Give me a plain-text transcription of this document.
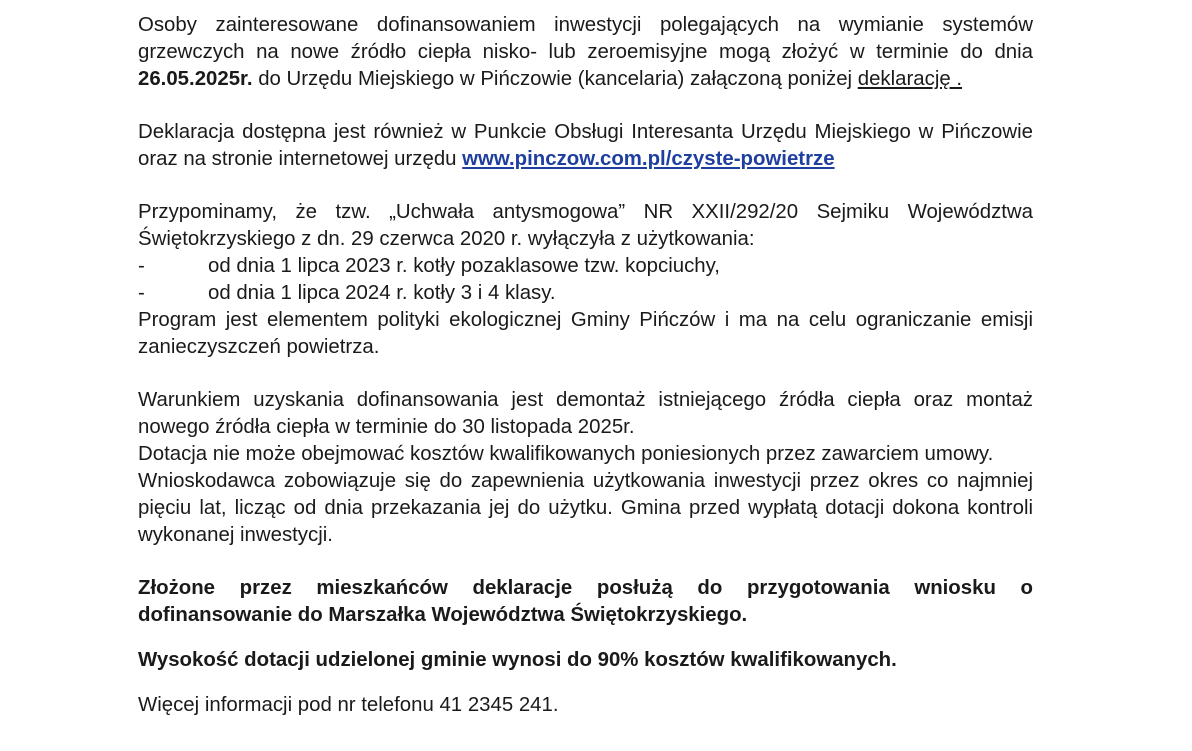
Osoby zainteresowane dofinansowaniem inwestycji polegających na wymianie systemów grzewczych na nowe źródło ciepła nisko- lub zeroemisyjne mogą złożyć w terminie do dnia 26.05.2025r. do Urzędu Miejskiego w Pińczowie (kancelaria) załączoną poniżej deklarację .

Deklaracja dostępna jest również w Punkcie Obsługi Interesanta Urzędu Miejskiego w Pińczowie oraz na stronie internetowej urzędu www.pinczow.com.pl/czyste-powietrze

Przypominamy, że tzw. „Uchwała antysmogowa” NR XXII/292/20 Sejmiku Województwa Świętokrzyskiego z dn. 29 czerwca 2020 r. wyłączyła z użytkowania:

-	od dnia 1 lipca 2023 r. kotły pozaklasowe tzw. kopciuchy,
-	od dnia 1 lipca 2024 r. kotły 3 i 4 klasy.

Program jest elementem polityki ekologicznej Gminy Pińczów i ma na celu ograniczanie emisji zanieczyszczeń powietrza.

Warunkiem uzyskania dofinansowania jest demontaż istniejącego źródła ciepła oraz montaż nowego źródła ciepła w terminie do 30 listopada 2025r.

Dotacja nie może obejmować kosztów kwalifikowanych poniesionych przez zawarciem umowy.

Wnioskodawca zobowiązuje się do zapewnienia użytkowania inwestycji przez okres co najmniej pięciu lat, licząc od dnia przekazania jej do użytku. Gmina przed wypłatą dotacji dokona kontroli wykonanej inwestycji.

Złożone przez mieszkańców deklaracje posłużą do przygotowania wniosku o dofinansowanie do Marszałka Województwa Świętokrzyskiego.

Wysokość dotacji udzielonej gminie wynosi do 90% kosztów kwalifikowanych.

Więcej informacji pod nr telefonu 41 2345 241.
